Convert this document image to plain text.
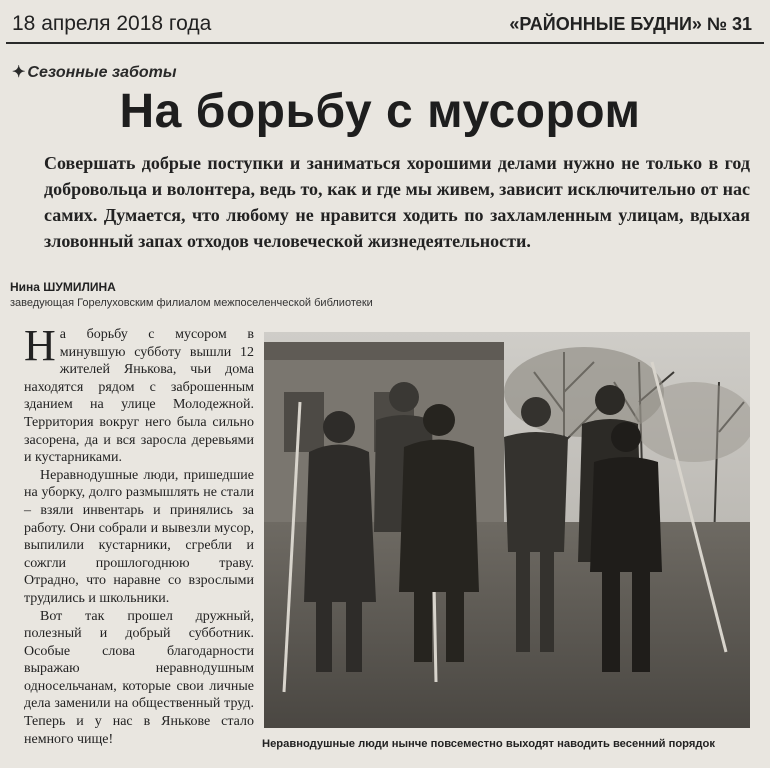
18 апреля 2018 года	«РАЙОННЫЕ БУДНИ» № 31
✦ Сезонные заботы
На борьбу с мусором

Совершать добрые поступки и заниматься хорошими делами нужно не только в год добровольца и волонтера, ведь то, как и где мы живем, зависит исключительно от нас самих. Думается, что любому не нравится ходить по захламленным улицам, вдыхая зловонный запах отходов человеческой жизнедеятельности.

Нина ШУМИЛИНА
заведующая Горелуховским филиалом межпоселенческой библиотеки

На борьбу с мусором в минувшую субботу вышли 12 жителей Янькова, чьи дома находятся рядом с заброшенным зданием на улице Молодежной. Территория вокруг него была сильно засорена, да и вся заросла деревьями и кустарниками.

Неравнодушные люди, пришедшие на уборку, долго размышлять не стали – взяли инвентарь и принялись за работу. Они собрали и вывезли мусор, выпилили кустарники, сгребли и сожгли прошлогоднюю траву. Отрадно, что наравне со взрослыми трудились и школьники.

Вот так прошел дружный, полезный и добрый субботник. Особые слова благодарности выражаю неравнодушным односельчанам, которые свои личные дела заменили на общественный труд. Теперь и у нас в Янькове стало немного чище!	Неравнодушные люди нынче повсеместно выходят наводить весенний порядок
